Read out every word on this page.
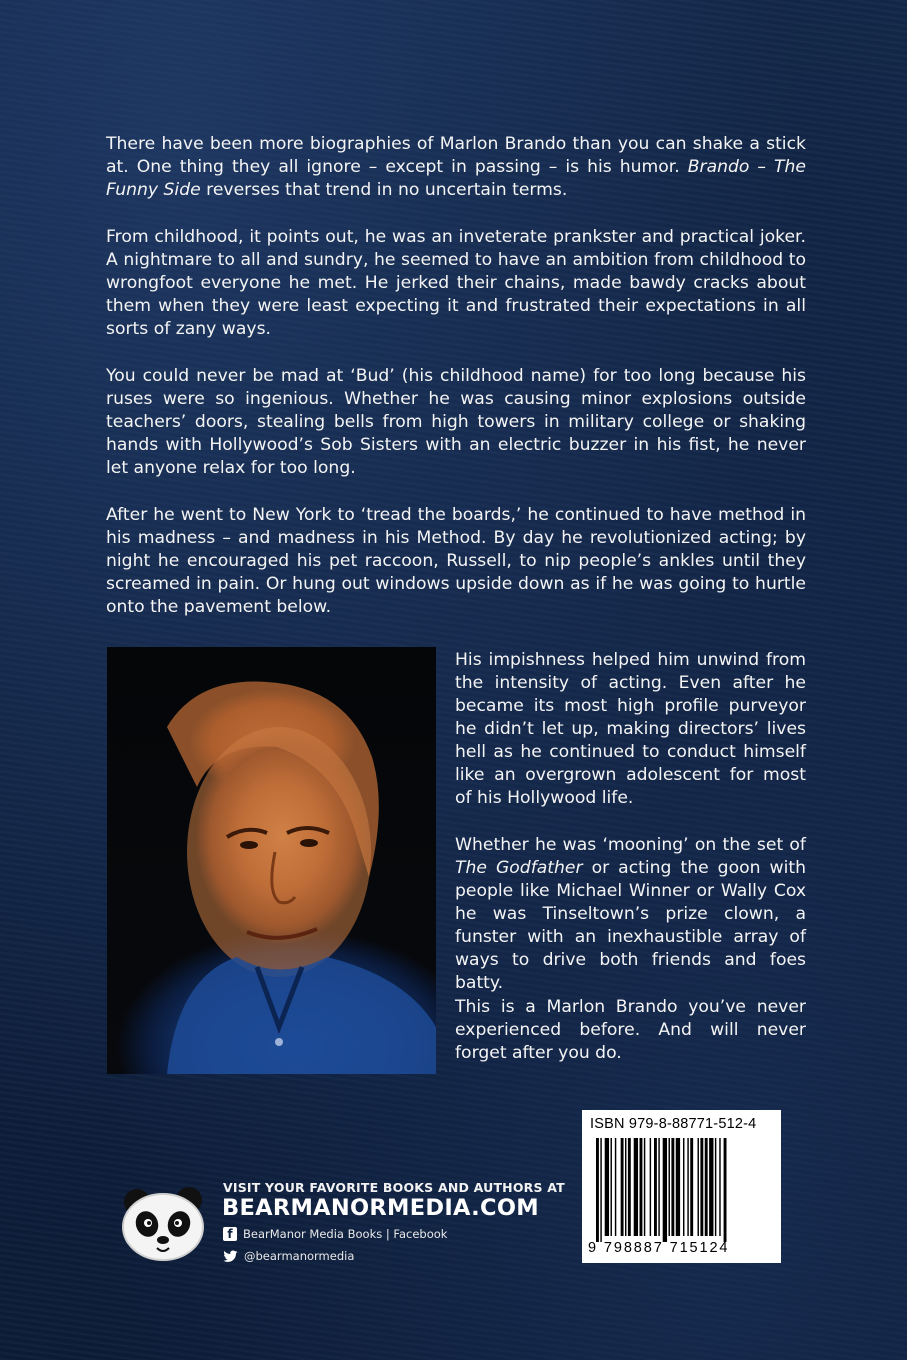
There have been more biographies of Marlon Brando than you can shake a stick at. One thing they all ignore – except in passing – is his humor. Brando – The Funny Side reverses that trend in no uncertain terms.

From childhood, it points out, he was an inveterate prankster and practical joker. A nightmare to all and sundry, he seemed to have an ambition from childhood to wrongfoot everyone he met. He jerked their chains, made bawdy cracks about them when they were least expecting it and frustrated their expectations in all sorts of zany ways.

You could never be mad at ‘Bud’ (his childhood name) for too long because his ruses were so ingenious. Whether he was causing minor explosions outside teachers’ doors, stealing bells from high towers in military college or shaking hands with Hollywood’s Sob Sisters with an electric buzzer in his fist, he never let anyone relax for too long.

After he went to New York to ‘tread the boards,’ he continued to have method in his madness – and madness in his Method. By day he revolutionized acting; by night he encouraged his pet raccoon, Russell, to nip people’s ankles until they screamed in pain. Or hung out windows upside down as if he was going to hurtle onto the pavement below.

His impishness helped him unwind from the intensity of acting. Even after he became its most high profile purveyor he didn’t let up, making directors’ lives hell as he continued to conduct himself like an overgrown adolescent for most of his Hollywood life.

Whether he was ‘mooning’ on the set of The Godfather or acting the goon with people like Michael Winner or Wally Cox he was Tinseltown’s prize clown, a funster with an inexhaustible array of ways to drive both friends and foes batty.

This is a Marlon Brando you’ve never experienced before. And will never forget after you do.

VISIT YOUR FAVORITE BOOKS AND AUTHORS AT
BEARMANORMEDIA.COM
f BearManor Media Books | Facebook
@bearmanormedia
ISBN 979-8-88771-512-4
9 798887 715124
